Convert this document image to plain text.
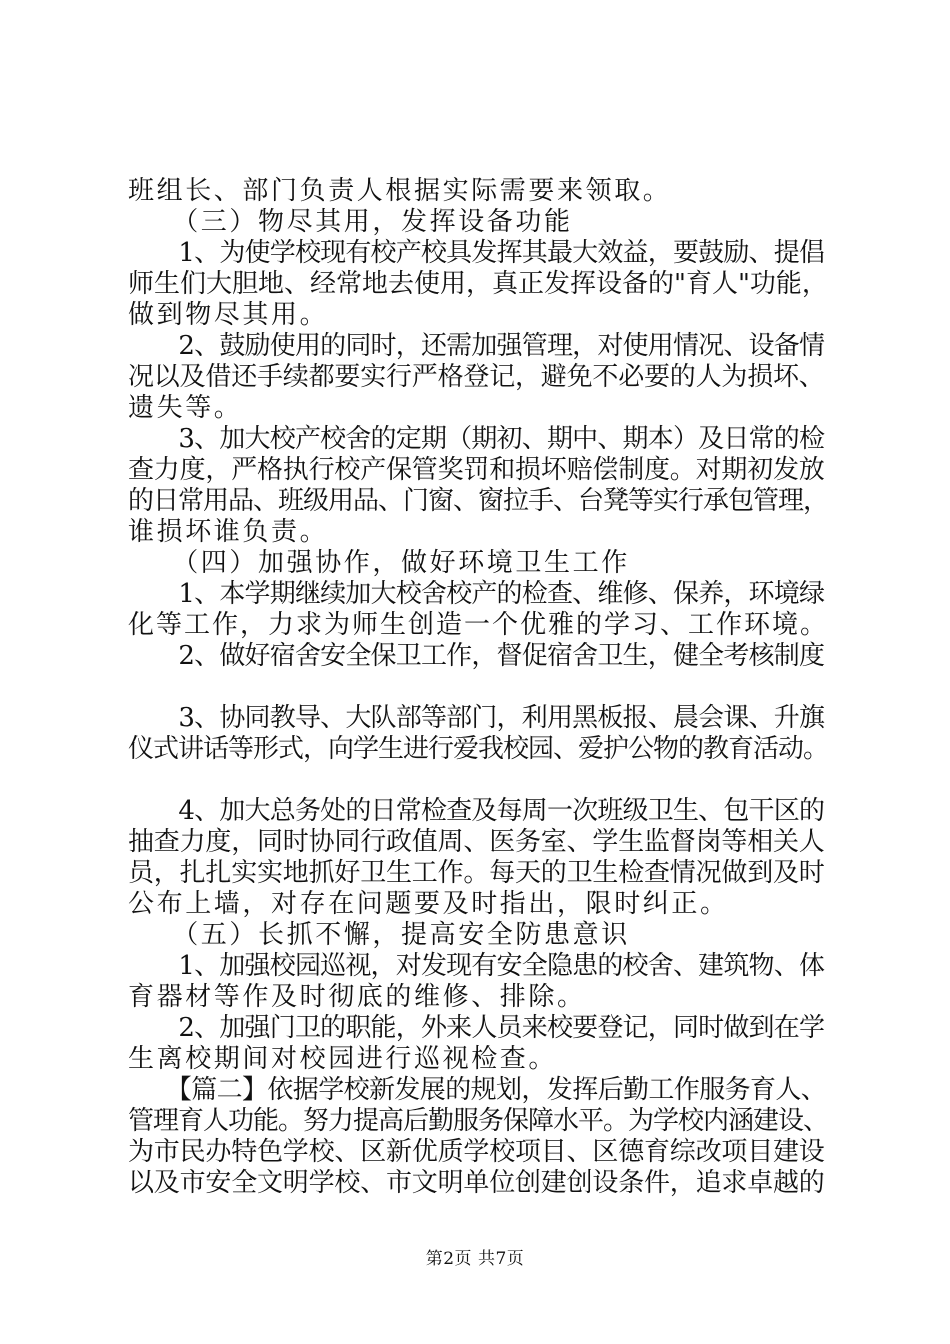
班组长、部门负责人根据实际需要来领取。
　　（三）物尽其用，发挥设备功能
　　1、为使学校现有校产校具发挥其最大效益，要鼓励、提倡
师生们大胆地、经常地去使用，真正发挥设备的"育人"功能，
做到物尽其用。
　　2、鼓励使用的同时，还需加强管理，对使用情况、设备情
况以及借还手续都要实行严格登记，避免不必要的人为损坏、
遗失等。
　　3、加大校产校舍的定期（期初、期中、期本）及日常的检
查力度，严格执行校产保管奖罚和损坏赔偿制度。对期初发放
的日常用品、班级用品、门窗、窗拉手、台凳等实行承包管理，
谁损坏谁负责。
　　（四）加强协作，做好环境卫生工作
　　1、本学期继续加大校舍校产的检查、维修、保养，环境绿
化等工作，力求为师生创造一个优雅的学习、工作环境。
　　2、做好宿舍安全保卫工作，督促宿舍卫生，健全考核制度
　　3、协同教导、大队部等部门，利用黑板报、晨会课、升旗
仪式讲话等形式，向学生进行爱我校园、爱护公物的教育活动。
　　4、加大总务处的日常检查及每周一次班级卫生、包干区的
抽查力度，同时协同行政值周、医务室、学生监督岗等相关人
员，扎扎实实地抓好卫生工作。每天的卫生检查情况做到及时
公布上墙，对存在问题要及时指出，限时纠正。
　　（五）长抓不懈，提高安全防患意识
　　1、加强校园巡视，对发现有安全隐患的校舍、建筑物、体
育器材等作及时彻底的维修、排除。
　　2、加强门卫的职能，外来人员来校要登记，同时做到在学
生离校期间对校园进行巡视检查。
　　【篇二】依据学校新发展的规划，发挥后勤工作服务育人、
管理育人功能。努力提高后勤服务保障水平。为学校内涵建设、
为市民办特色学校、区新优质学校项目、区德育综改项目建设
以及市安全文明学校、市文明单位创建创设条件，追求卓越的
第2页 共7页
